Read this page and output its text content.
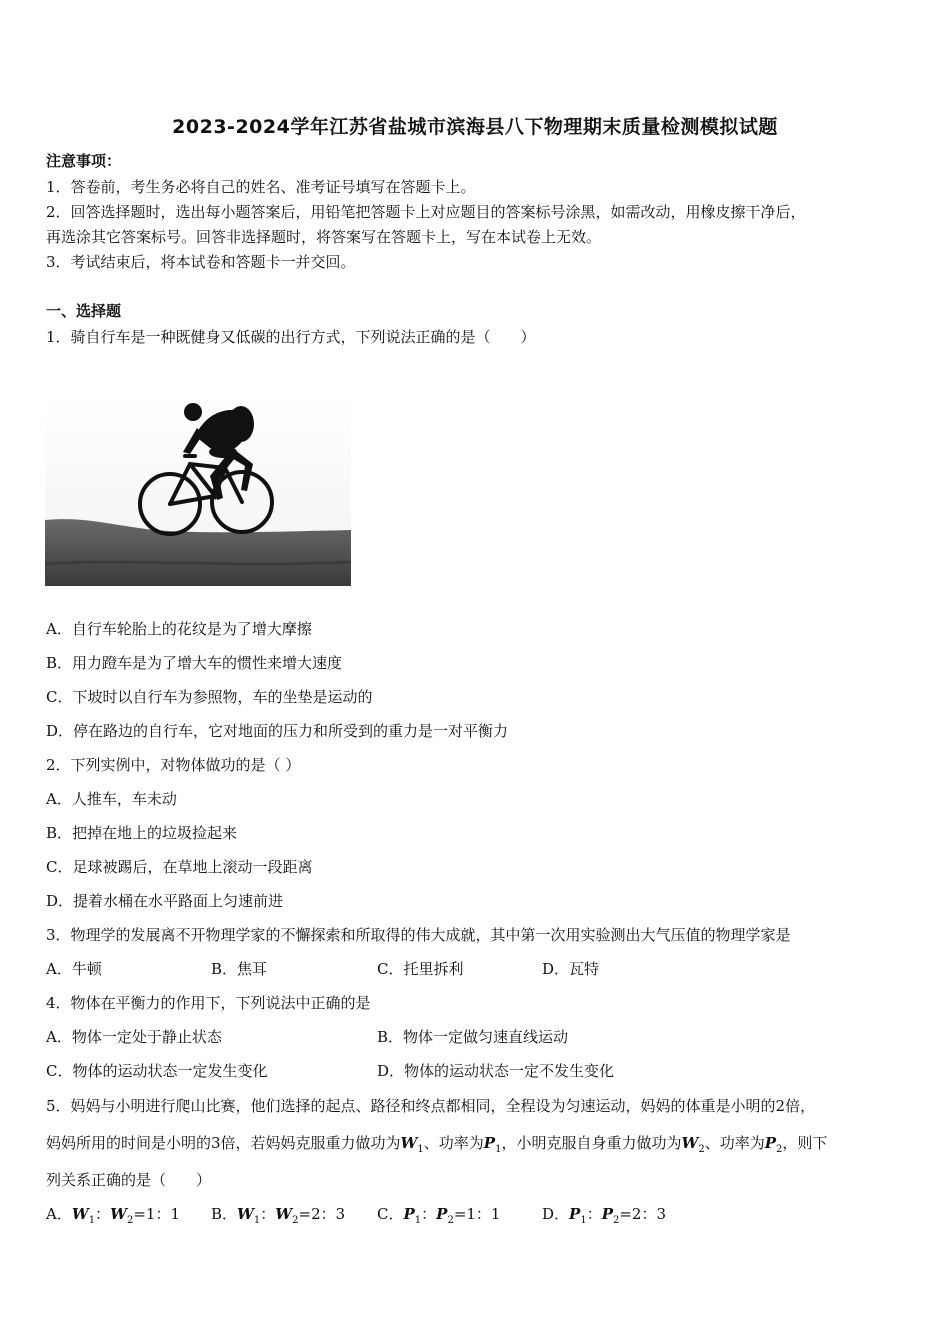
2023-2024学年江苏省盐城市滨海县八下物理期末质量检测模拟试题
注意事项：
1．答卷前，考生务必将自己的姓名、准考证号填写在答题卡上。
2．回答选择题时，选出每小题答案后，用铅笔把答题卡上对应题目的答案标号涂黑，如需改动，用橡皮擦干净后，
再选涂其它答案标号。回答非选择题时，将答案写在答题卡上，写在本试卷上无效。
3．考试结束后，将本试卷和答题卡一并交回。
一、选择题
1．骑自行车是一种既健身又低碳的出行方式，下列说法正确的是（　　）
A．自行车轮胎上的花纹是为了增大摩擦
B．用力蹬车是为了增大车的惯性来增大速度
C．下坡时以自行车为参照物，车的坐垫是运动的
D．停在路边的自行车，它对地面的压力和所受到的重力是一对平衡力
2．下列实例中，对物体做功的是（ ）
A．人推车，车未动
B．把掉在地上的垃圾捡起来
C．足球被踢后，在草地上滚动一段距离
D．提着水桶在水平路面上匀速前进
3．物理学的发展离不开物理学家的不懈探索和所取得的伟大成就，其中第一次用实验测出大气压值的物理学家是
A．牛顿	B．焦耳	C．托里拆利	D．瓦特
4．物体在平衡力的作用下，下列说法中正确的是
A．物体一定处于静止状态	B．物体一定做匀速直线运动
C．物体的运动状态一定发生变化	D．物体的运动状态一定不发生变化
5．妈妈与小明进行爬山比赛，他们选择的起点、路径和终点都相同，全程设为匀速运动，妈妈的体重是小明的2倍，
妈妈所用的时间是小明的3倍，若妈妈克服重力做功为$W_1$、功率为$P_1$，小明克服自身重力做功为$W_2$、功率为$P_2$，则下
列关系正确的是（　　）
A．$W_1$：$W_2=1$：1 B．$W_1$：$W_2=2$：3 C．$P_1$：$P_2=1$：1	D．$P_1$：$P_2=2$：3
